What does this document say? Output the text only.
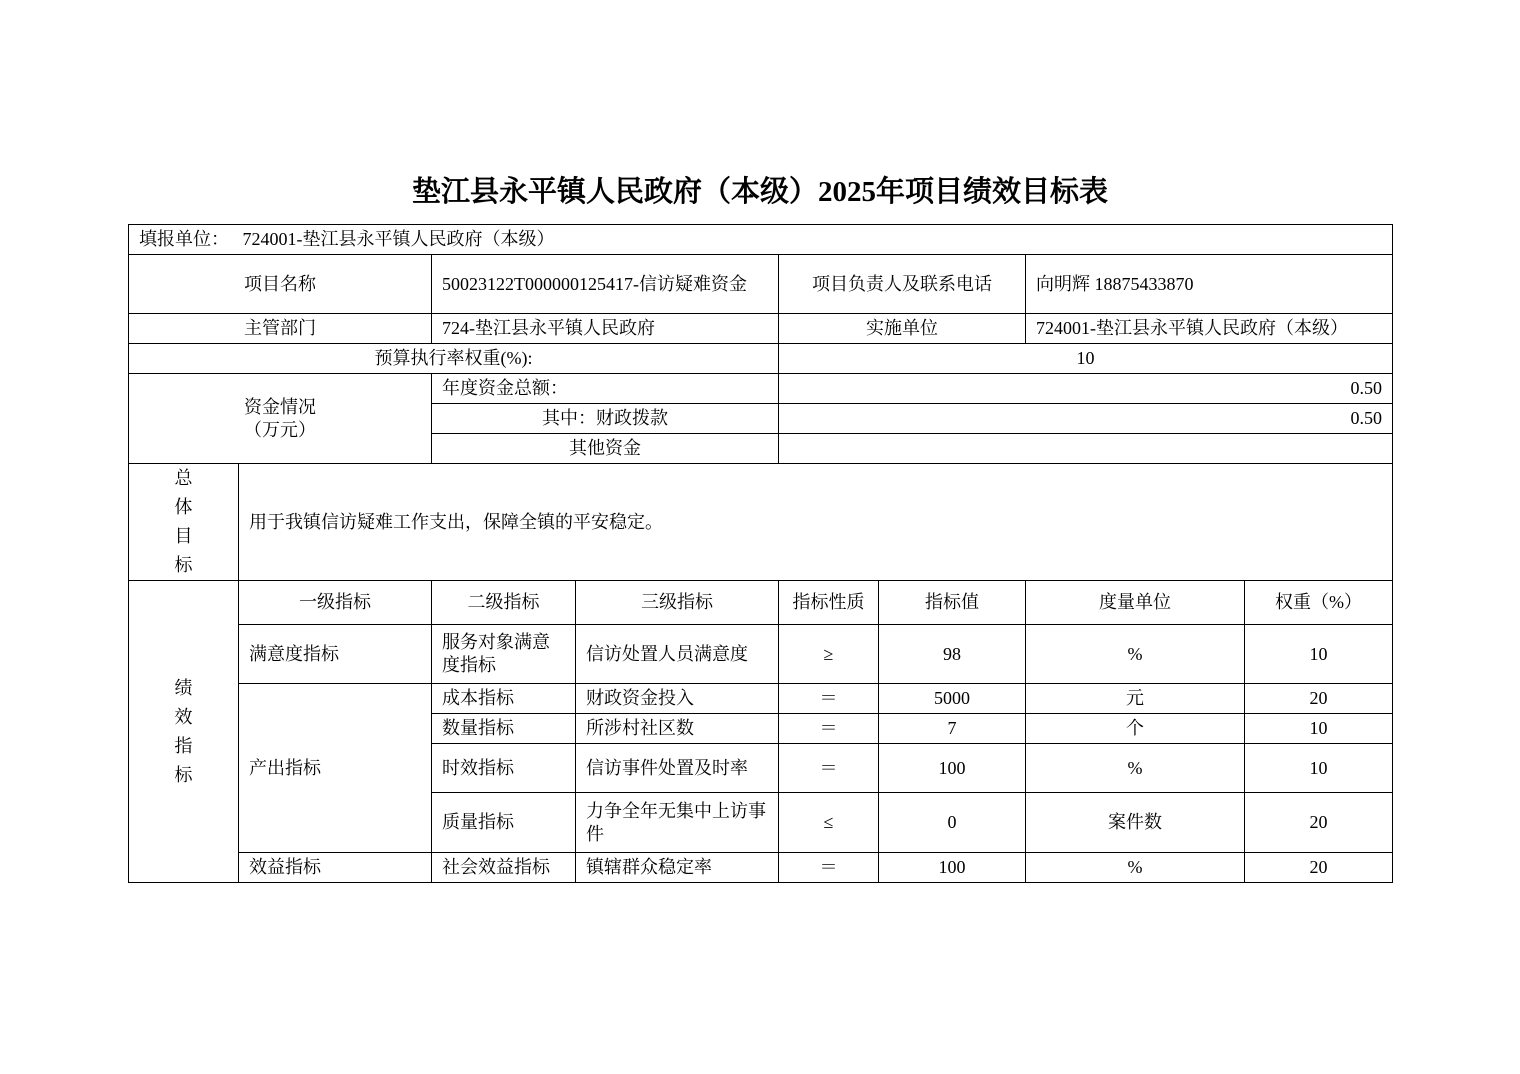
垫江县永平镇人民政府（本级）2025年项目绩效目标表
填报单位： 724001-垫江县永平镇人民政府（本级）							
项目名称		50023122T000000125417-信访疑难资金		项目负责人及联系电话		向明辉 18875433870	
主管部门		724-垫江县永平镇人民政府		实施单位		724001-垫江县永平镇人民政府（本级）	
预算执行率权重(%):				10			

资金情况
（万元）		年度资金总额：		0.50			
		其中：财政拨款		0.50			
		其他资金					

总
体
目
标	用于我镇信访疑难工作支出，保障全镇的平安稳定。						

绩
效
指
标	一级指标	二级指标	三级指标	指标性质	指标值	度量单位	权重（%）
	满意度指标	服务对象满意度指标	信访处置人员满意度	≥	98	%	10
	产出指标	成本指标	财政资金投入	＝	5000	元	20
		数量指标	所涉村社区数	＝	7	个	10
		时效指标	信访事件处置及时率	＝	100	%	10
		质量指标	力争全年无集中上访事件	≤	0	案件数	20
	效益指标	社会效益指标	镇辖群众稳定率	＝	100	%	20
